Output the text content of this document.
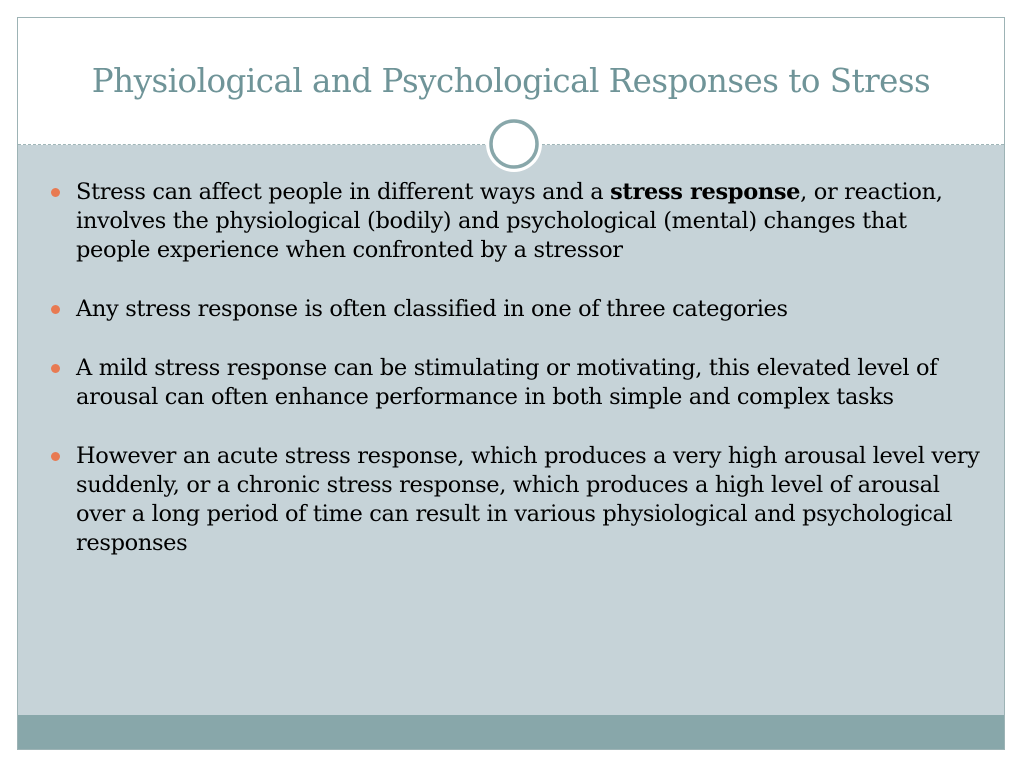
Physiological and Psychological Responses to Stress
Stress can affect people in different ways and a stress response, or reaction, involves the physiological (bodily) and psychological (mental) changes that people experience when confronted by a stressor
Any stress response is often classified in one of three categories
A mild stress response can be stimulating or motivating, this elevated level of arousal can often enhance performance in both simple and complex tasks
However an acute stress response, which produces a very high arousal level very suddenly, or a chronic stress response, which produces a high level of arousal over a long period of time can result in various physiological and psychological responses
